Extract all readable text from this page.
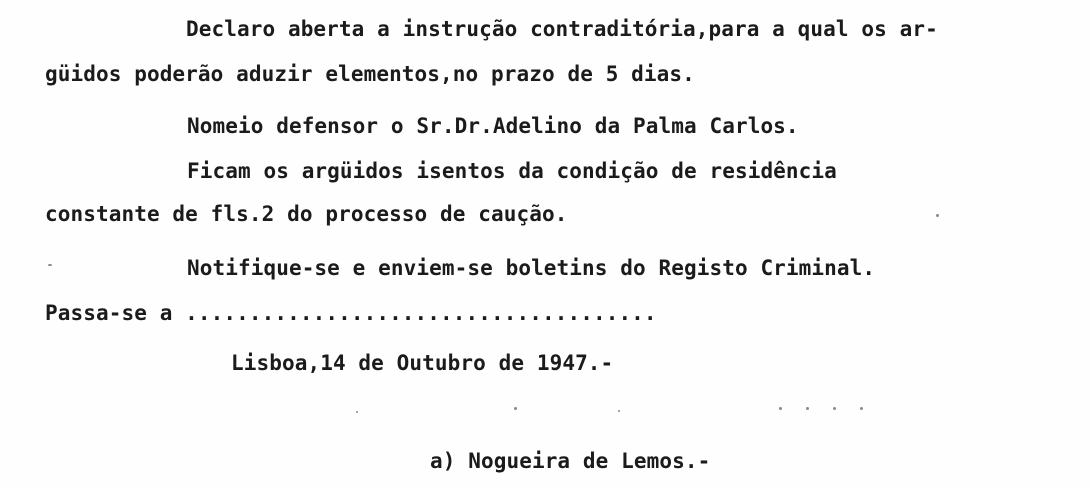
Declaro aberta a instrução contraditória,para a qual os ar-
güidos poderão aduzir elementos,no prazo de 5 dias.
Nomeio defensor o Sr.Dr.Adelino da Palma Carlos.
Ficam os argüidos isentos da condição de residência
constante de fls.2 do processo de caução.
Notifique-se e enviem-se boletins do Registo Criminal.
Passa-se a .....................................
Lisboa,14 de Outubro de 1947.-
a) Nogueira de Lemos.-
